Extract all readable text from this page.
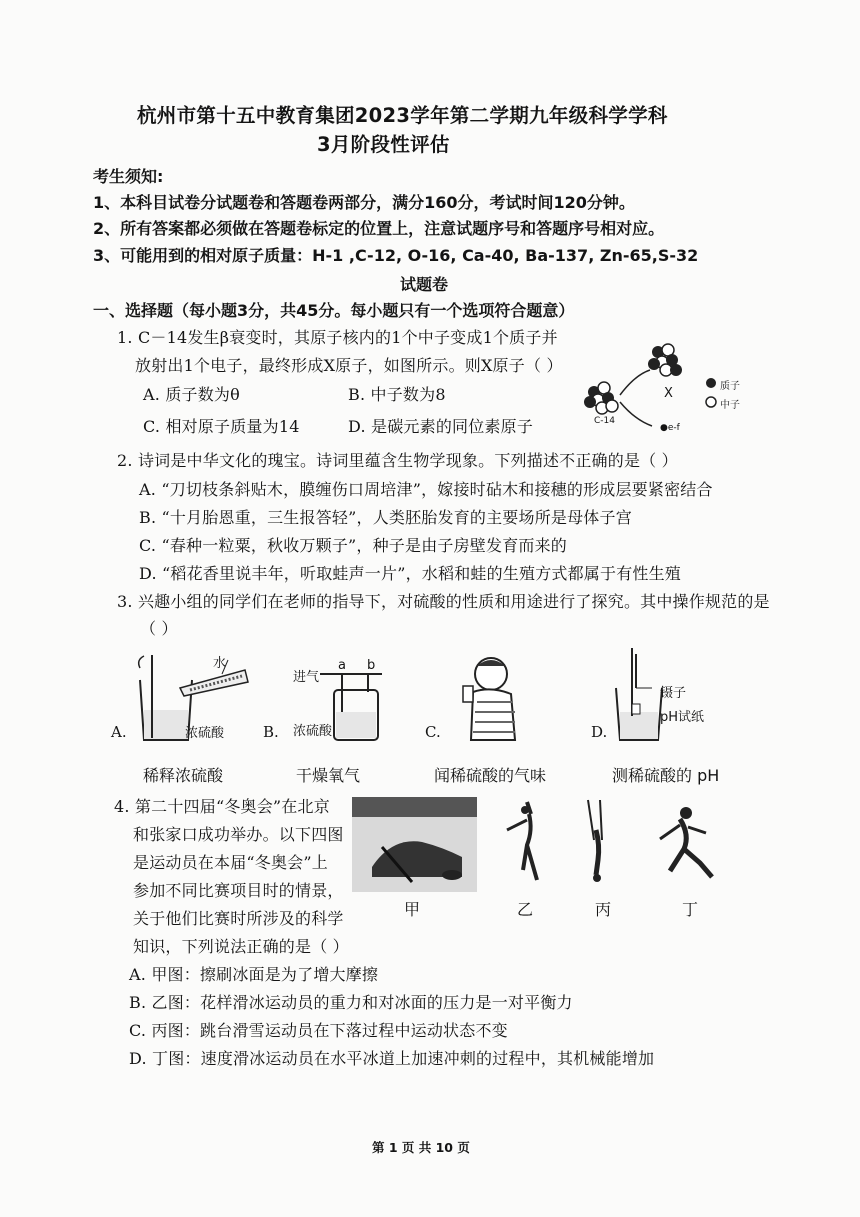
杭州市第十五中教育集团2023学年第二学期九年级科学学科
3月阶段性评估
考生须知:
1、本科目试卷分试题卷和答题卷两部分，满分160分，考试时间120分钟。
2、所有答案都必须做在答题卷标定的位置上，注意试题序号和答题序号相对应。
3、可能用到的相对原子质量：H-1 ,C-12, O-16, Ca-40, Ba-137, Zn-65,S-32
试题卷
一、选择题（每小题3分，共45分。每小题只有一个选项符合题意）
1. C－14发生β衰变时，其原子核内的1个中子变成1个质子并
放射出1个电子，最终形成X原子，如图所示。则X原子（ ）
A. 质子数为θ	B. 中子数为8
C. 相对原子质量为14	D. 是碳元素的同位素原子	C-14
X	质子
中子
●e-f
2. 诗词是中华文化的瑰宝。诗词里蕴含生物学现象。下列描述不正确的是（ ）
A. “刀切枝条斜贴木，膜缠伤口周培津”，嫁接时砧木和接穗的形成层要紧密结合
B. “十月胎恩重，三生报答轻”，人类胚胎发育的主要场所是母体子宫
C. “春种一粒粟，秋收万颗子”，种子是由子房壁发育而来的
D. “稻花香里说丰年，听取蛙声一片”，水稻和蛙的生殖方式都属于有性生殖
3. 兴趣小组的同学们在老师的指导下，对硫酸的性质和用途进行了探究。其中操作规范的是
（ ）
水
浓硫酸
A.
稀释浓硫酸
进气
a b
浓硫酸
B.
干燥氧气
C.
闻稀硫酸的气味
镊子
pH试纸
D.
测稀硫酸的 pH
4. 第二十四届“冬奥会”在北京
和张家口成功举办。以下四图
是运动员在本届“冬奥会”上
参加不同比赛项目时的情景，
关于他们比赛时所涉及的科学
知识，下列说法正确的是（ ）
甲	乙	丙	丁
A. 甲图：擦刷冰面是为了增大摩擦
B. 乙图：花样滑冰运动员的重力和对冰面的压力是一对平衡力
C. 丙图：跳台滑雪运动员在下落过程中运动状态不变
D. 丁图：速度滑冰运动员在水平冰道上加速冲刺的过程中，其机械能增加
第 1 页 共 10 页
